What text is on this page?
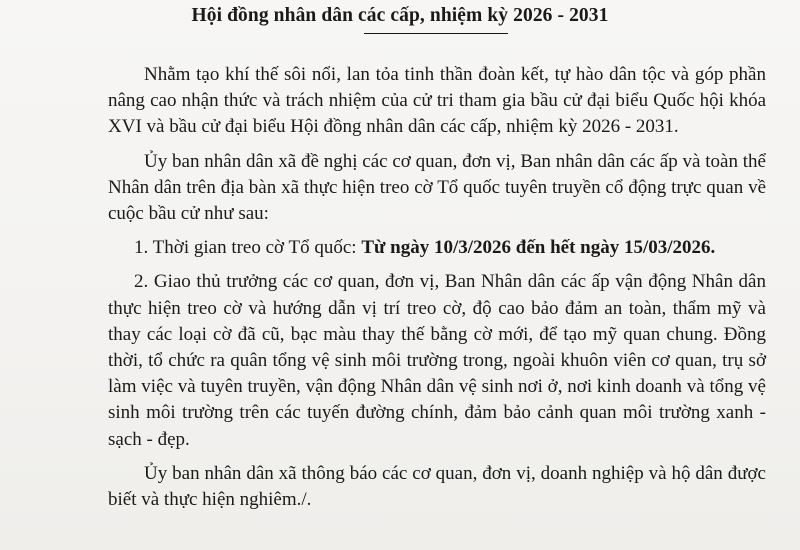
Hội đồng nhân dân các cấp, nhiệm kỳ 2026 - 2031

Nhằm tạo khí thế sôi nổi, lan tỏa tinh thần đoàn kết, tự hào dân tộc và góp phần nâng cao nhận thức và trách nhiệm của cử tri tham gia bầu cử đại biểu Quốc hội khóa XVI và bầu cử đại biểu Hội đồng nhân dân các cấp, nhiệm kỳ 2026 - 2031.

Ủy ban nhân dân xã đề nghị các cơ quan, đơn vị, Ban nhân dân các ấp và toàn thể Nhân dân trên địa bàn xã thực hiện treo cờ Tổ quốc tuyên truyền cổ động trực quan về cuộc bầu cử như sau:

1. Thời gian treo cờ Tổ quốc: Từ ngày 10/3/2026 đến hết ngày 15/03/2026.

2. Giao thủ trưởng các cơ quan, đơn vị, Ban Nhân dân các ấp vận động Nhân dân thực hiện treo cờ và hướng dẫn vị trí treo cờ, độ cao bảo đảm an toàn, thẩm mỹ và thay các loại cờ đã cũ, bạc màu thay thế bằng cờ mới, để tạo mỹ quan chung. Đồng thời, tổ chức ra quân tổng vệ sinh môi trường trong, ngoài khuôn viên cơ quan, trụ sở làm việc và tuyên truyền, vận động Nhân dân vệ sinh nơi ở, nơi kinh doanh và tổng vệ sinh môi trường trên các tuyến đường chính, đảm bảo cảnh quan môi trường xanh - sạch - đẹp.

Ủy ban nhân dân xã thông báo các cơ quan, đơn vị, doanh nghiệp và hộ dân được biết và thực hiện nghiêm./.
